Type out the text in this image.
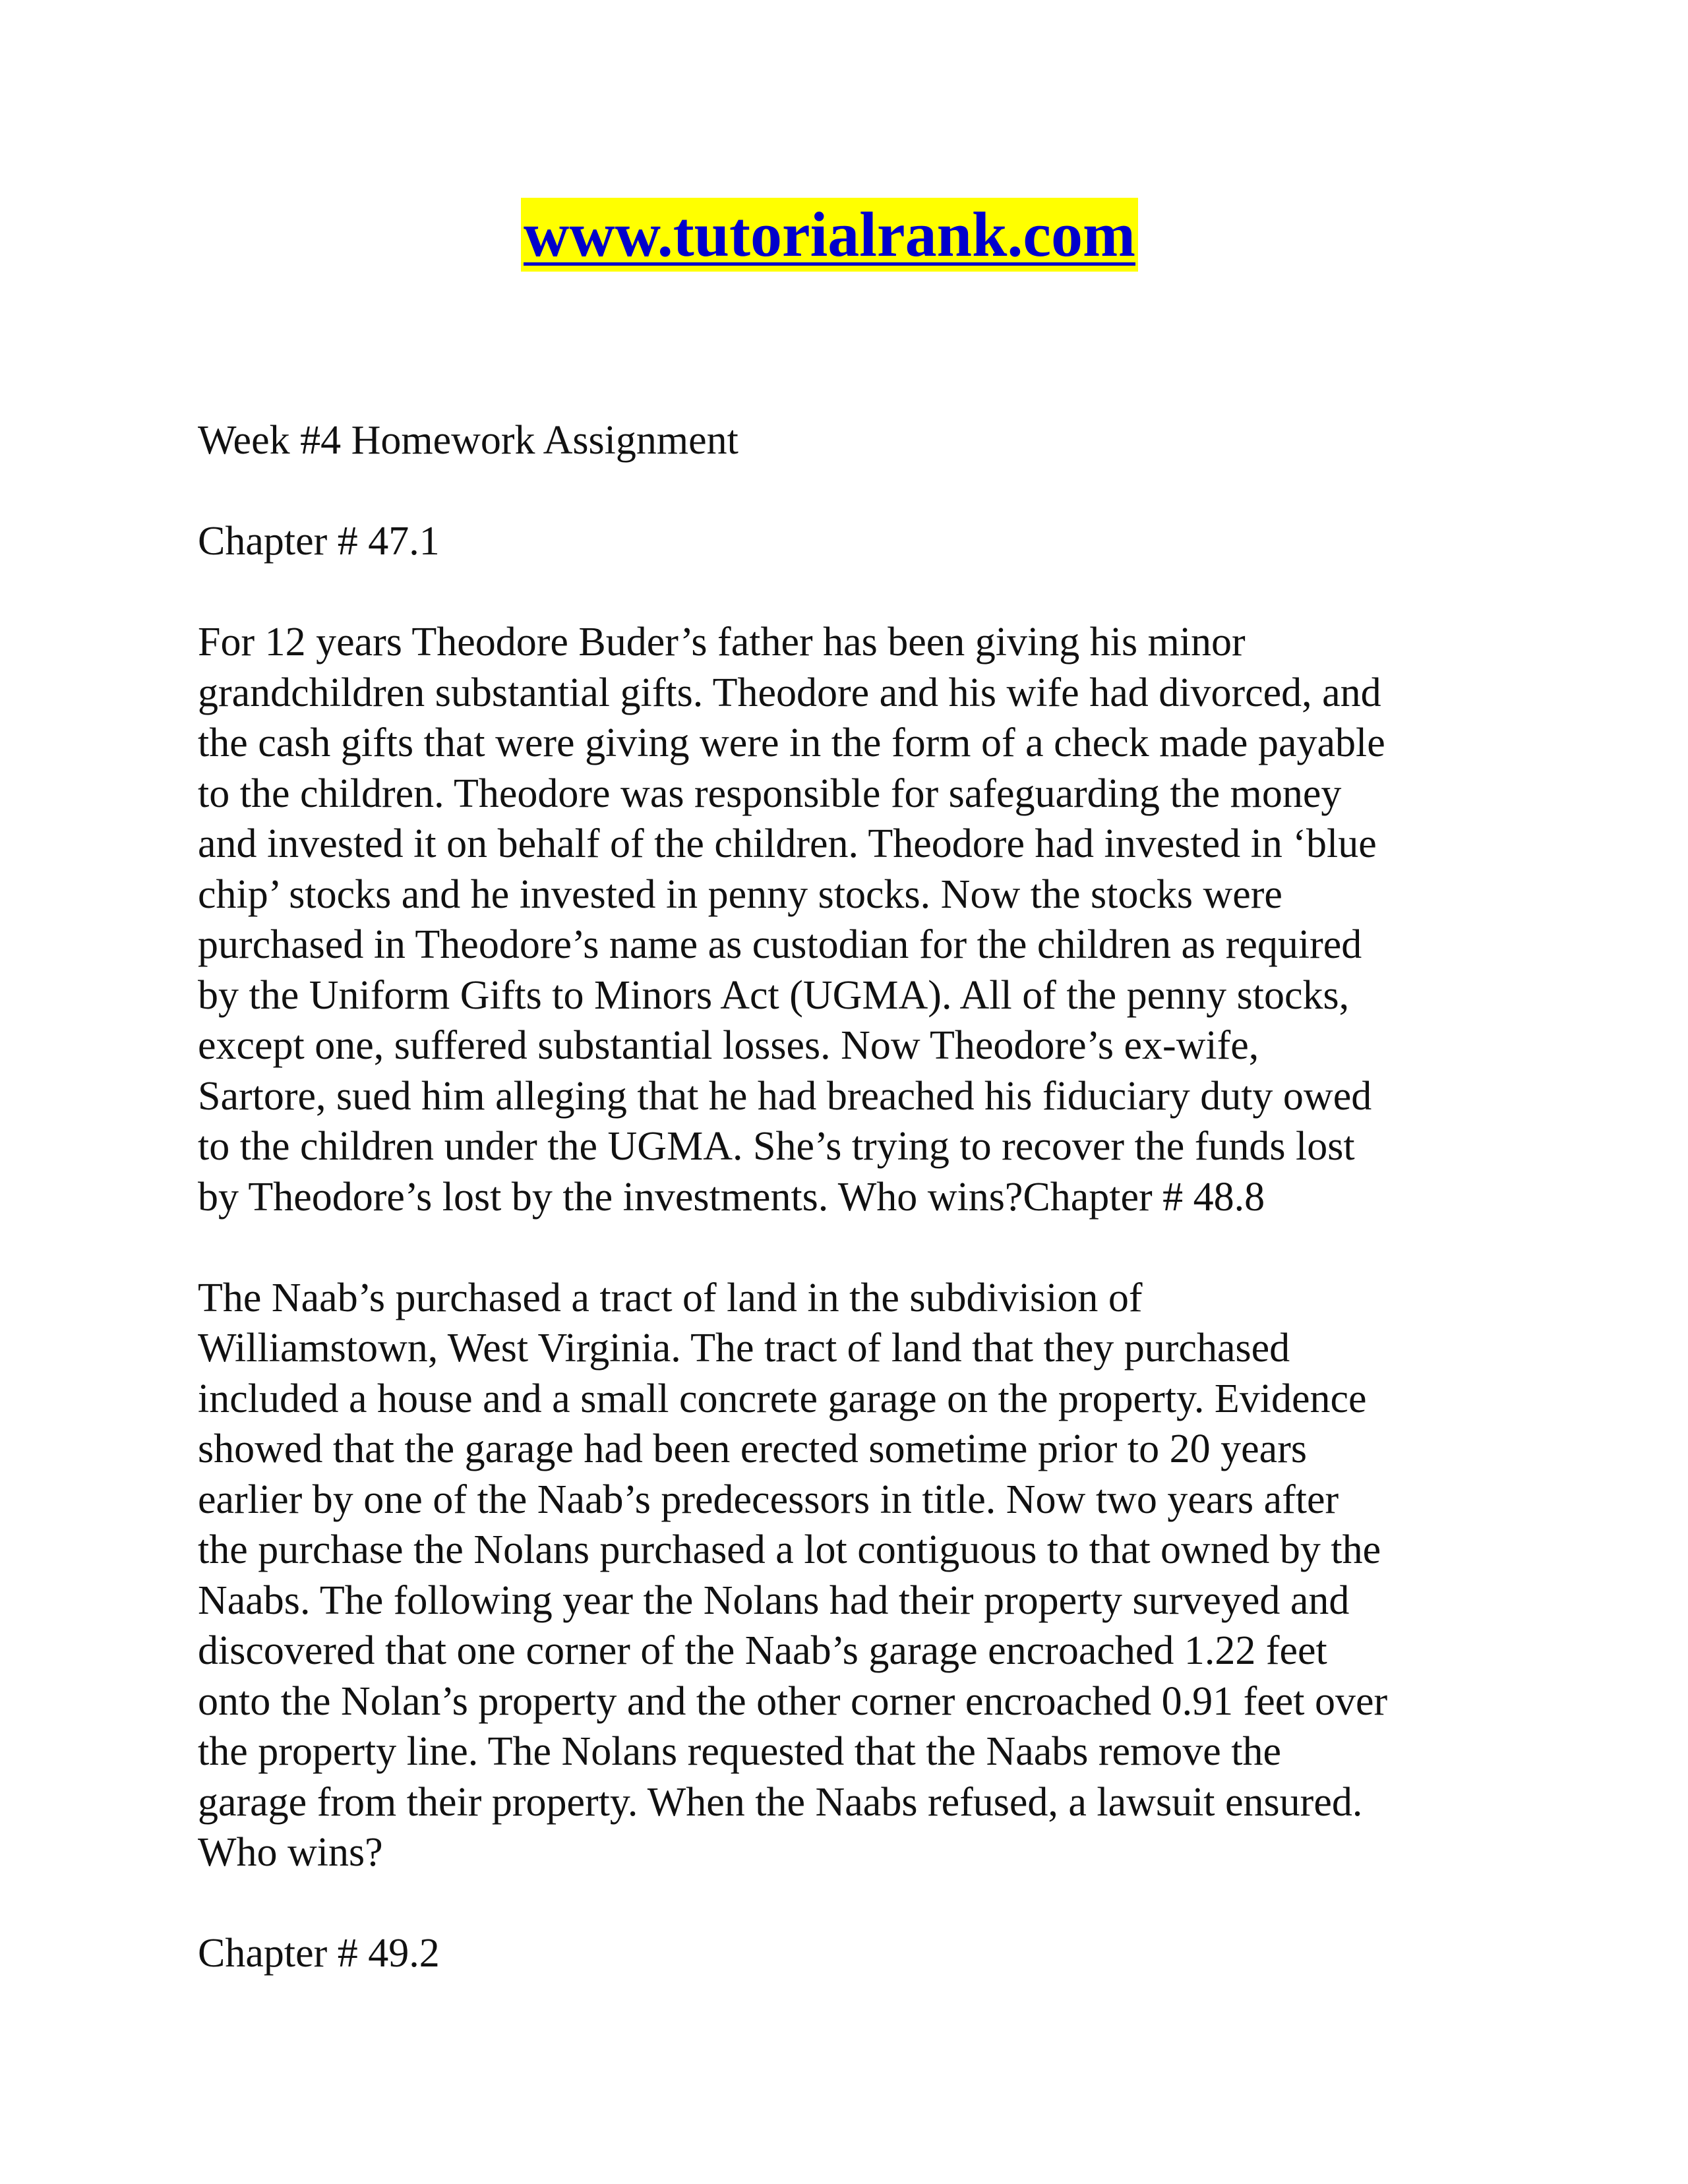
www.tutorialrank.com
Week #4 Homework Assignment
Chapter # 47.1
For 12 years Theodore Buder’s father has been giving his minor
grandchildren substantial gifts. Theodore and his wife had divorced, and
the cash gifts that were giving were in the form of a check made payable
to the children. Theodore was responsible for safeguarding the money
and invested it on behalf of the children. Theodore had invested in ‘blue
chip’ stocks and he invested in penny stocks. Now the stocks were
purchased in Theodore’s name as custodian for the children as required
by the Uniform Gifts to Minors Act (UGMA). All of the penny stocks,
except one, suffered substantial losses. Now Theodore’s ex-wife,
Sartore, sued him alleging that he had breached his fiduciary duty owed
to the children under the UGMA. She’s trying to recover the funds lost
by Theodore’s lost by the investments. Who wins?Chapter # 48.8
The Naab’s purchased a tract of land in the subdivision of
Williamstown, West Virginia. The tract of land that they purchased
included a house and a small concrete garage on the property. Evidence
showed that the garage had been erected sometime prior to 20 years
earlier by one of the Naab’s predecessors in title. Now two years after
the purchase the Nolans purchased a lot contiguous to that owned by the
Naabs. The following year the Nolans had their property surveyed and
discovered that one corner of the Naab’s garage encroached 1.22 feet
onto the Nolan’s property and the other corner encroached 0.91 feet over
the property line. The Nolans requested that the Naabs remove the
garage from their property. When the Naabs refused, a lawsuit ensured.
Who wins?
Chapter # 49.2
